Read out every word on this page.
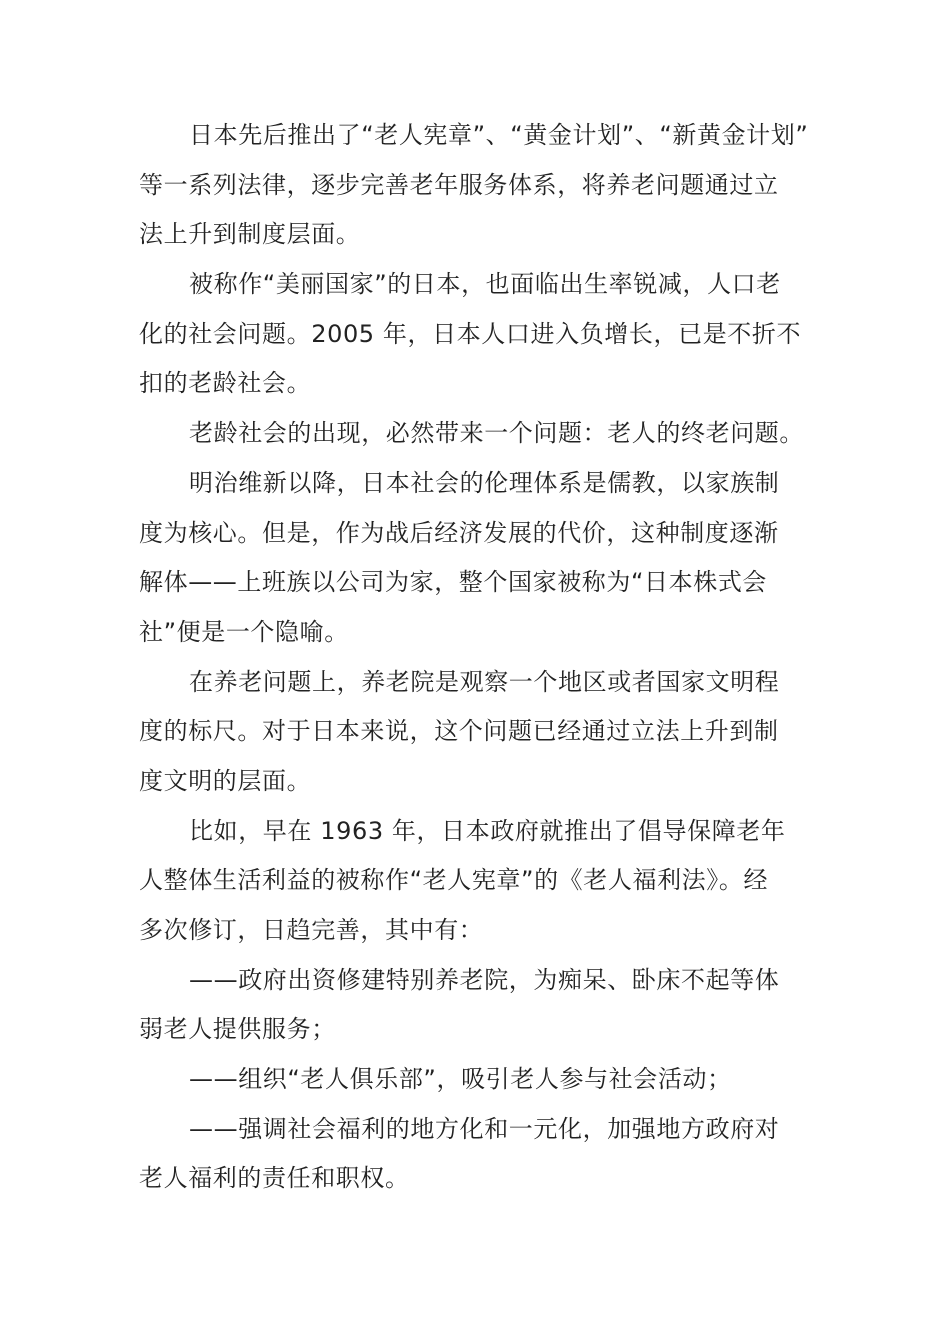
日本先后推出了“老人宪章”、“黄金计划”、“新黄金计划”
等一系列法律，逐步完善老年服务体系，将养老问题通过立
法上升到制度层面。
被称作“美丽国家”的日本，也面临出生率锐减，人口老
化的社会问题。2005 年，日本人口进入负增长，已是不折不
扣的老龄社会。
老龄社会的出现，必然带来一个问题：老人的终老问题。
明治维新以降，日本社会的伦理体系是儒教，以家族制
度为核心。但是，作为战后经济发展的代价，这种制度逐渐
解体——上班族以公司为家，整个国家被称为“日本株式会
社”便是一个隐喻。
在养老问题上，养老院是观察一个地区或者国家文明程
度的标尺。对于日本来说，这个问题已经通过立法上升到制
度文明的层面。
比如，早在 1963 年，日本政府就推出了倡导保障老年
人整体生活利益的被称作“老人宪章”的《老人福利法》。经
多次修订，日趋完善，其中有：
——政府出资修建特别养老院，为痴呆、卧床不起等体
弱老人提供服务；
——组织“老人俱乐部”，吸引老人参与社会活动；
——强调社会福利的地方化和一元化，加强地方政府对
老人福利的责任和职权。
